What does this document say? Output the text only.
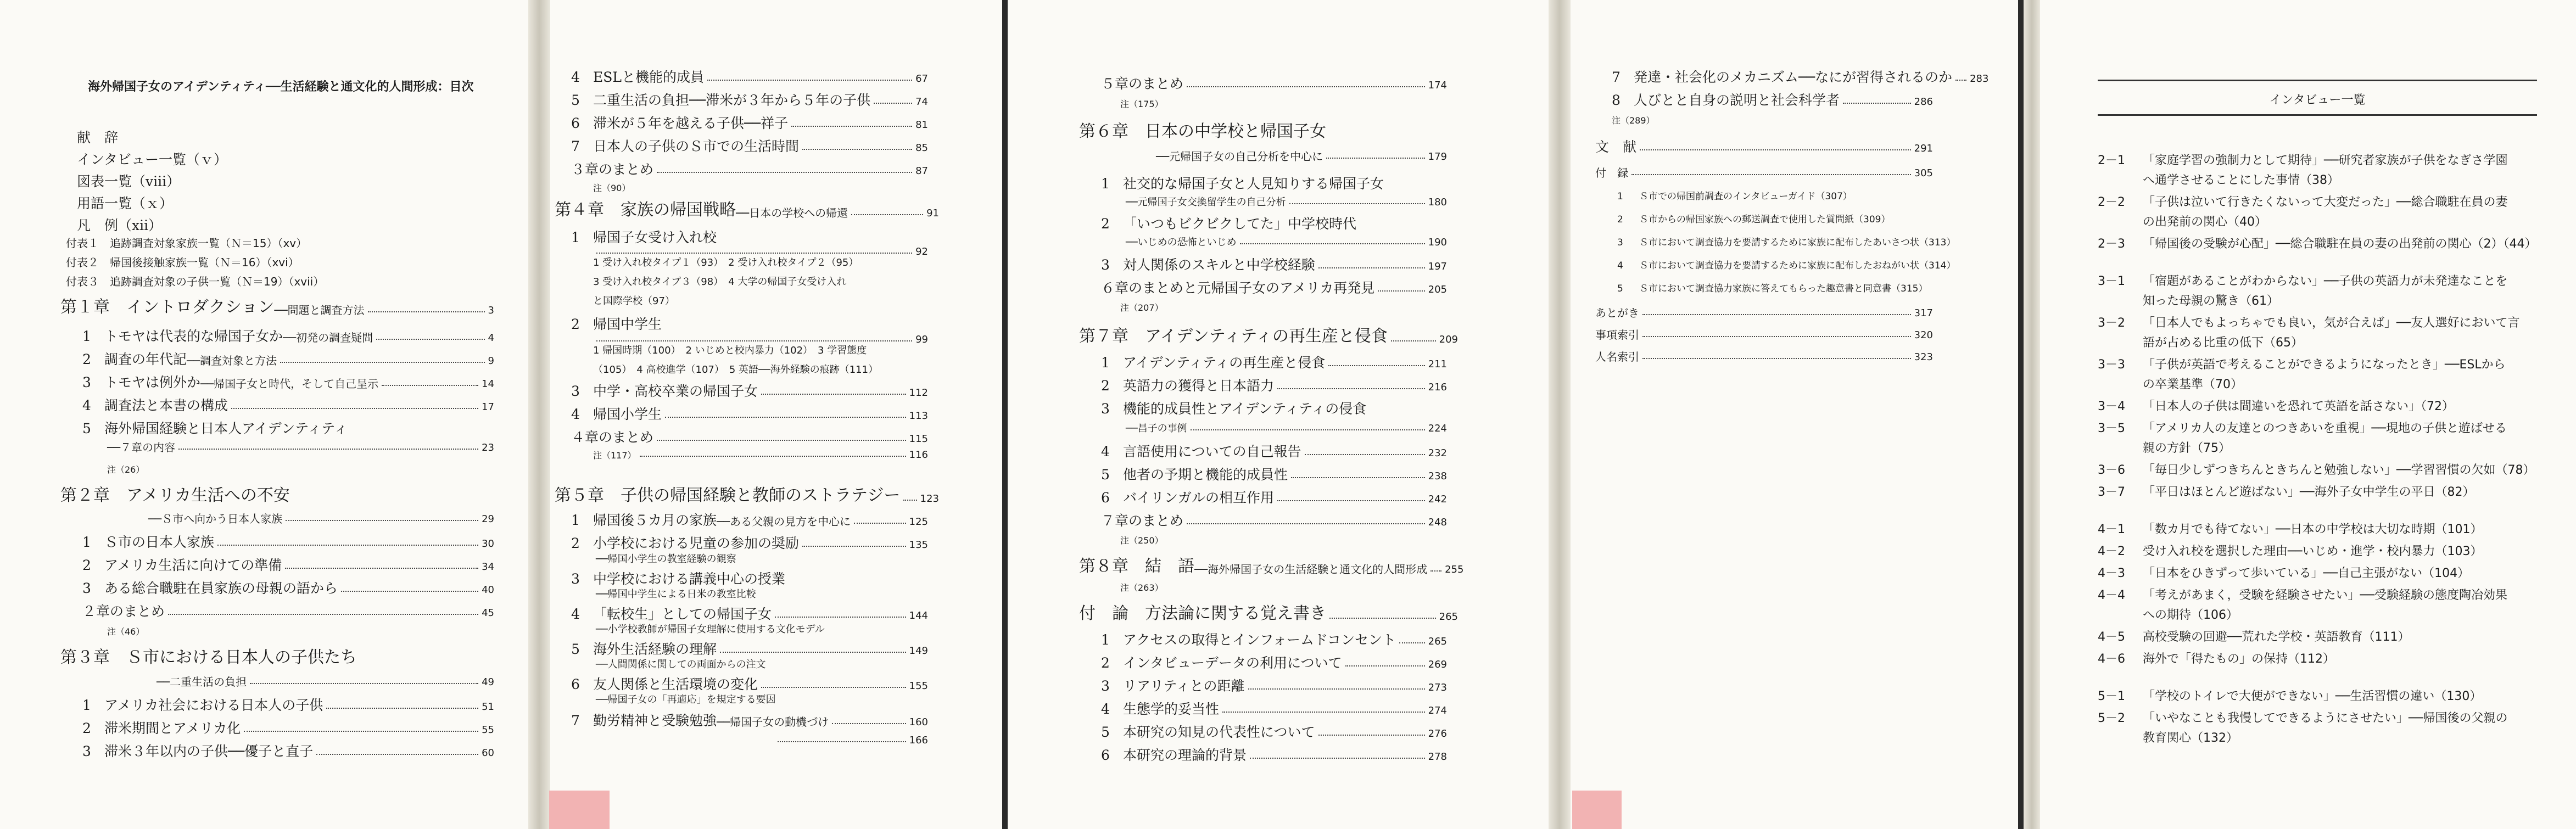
海外帰国子女のアイデンティティ──生活経験と通文化的人間形成：目次
献　辞
インタビュー一覧（ｖ）
図表一覧（viii）
用語一覧（ｘ）
凡　例（xii）
付表１　 追跡調査対象家族一覧（Ｎ＝15）（xv）
付表２　 帰国後接触家族一覧（Ｎ＝16）（xvi）
付表３　 追跡調査対象の子供一覧（Ｎ＝19）（xvii）
第１章　イントロダクション ──問題と調査方法	3
1 トモヤは代表的な帰国子女か ──初発の調査疑問	4
2 調査の年代記 ──調査対象と方法	9
3 トモヤは例外か ──帰国子女と時代，そして自己呈示	14
4 調査法と本書の構成	17
5 海外帰国経験と日本人アイデンティティ
──７章の内容	23
注（26）
第２章　アメリカ生活への不安
──Ｓ市へ向かう日本人家族	29
1 Ｓ市の日本人家族	30
2 アメリカ生活に向けての準備	34
3 ある総合職駐在員家族の母親の語から	40
２章のまとめ	45
注（46）
第３章　Ｓ市における日本人の子供たち
──二重生活の負担	49
1 アメリカ社会における日本人の子供	51
2 滞米期間とアメリカ化	55
3 滞米３年以内の子供──優子と直子	60
4 ESLと機能的成員	67
5 二重生活の負担──滞米が３年から５年の子供	74
6 滞米が５年を越える子供──祥子	81
7 日本人の子供のＳ市での生活時間	85
３章のまとめ	87
注（90）
第４章　家族の帰国戦略 ──日本の学校への帰還	91
1 帰国子女受け入れ校
92
1 受け入れ校タイプ１（93）　2 受け入れ校タイプ２（95）
3 受け入れ校タイプ３（98）　4 大学の帰国子女受け入れ
と国際学校（97）
2 帰国中学生
99
1 帰国時期（100）　2 いじめと校内暴力（102）　3 学習態度
（105）　4 高校進学（107）　5 英語──海外経験の痕跡（111）
3 中学・高校卒業の帰国子女	112
4 帰国小学生	113
４章のまとめ	115
注（117）	116
第５章　子供の帰国経験と教師のストラテジー 123
1 帰国後５カ月の家族 ──ある父親の見方を中心に	125
2 小学校における児童の参加の奨励	135
──帰国小学生の教室経験の観察
3 中学校における講義中心の授業
──帰国中学生による日米の教室比較
4 「転校生」としての帰国子女	144
──小学校教師が帰国子女理解に使用する文化モデル
5 海外生活経験の理解	149
──人間関係に関しての両面からの注文
6 友人関係と生活環境の変化	155
──帰国子女の「再適応」を規定する要因
7 勤労精神と受験勉強 ──帰国子女の動機づけ	160
166
５章のまとめ	174
注（175）
第６章　日本の中学校と帰国子女
──元帰国子女の自己分析を中心に	179
1 社交的な帰国子女と人見知りする帰国子女
──元帰国子女交換留学生の自己分析	180
2 「いつもビクビクしてた」中学校時代
──いじめの恐怖といじめ	190
3 対人関係のスキルと中学校経験	197
６章のまとめと元帰国子女のアメリカ再発見	205
注（207）
第７章　アイデンティティの再生産と侵食	209
1 アイデンティティの再生産と侵食	211
2 英語力の獲得と日本語力	216
3 機能的成員性とアイデンティティの侵食
──昌子の事例	224
4 言語使用についての自己報告	232
5 他者の予期と機能的成員性	238
6 バイリンガルの相互作用	242
７章のまとめ	248
注（250）
第８章　結　語 ──海外帰国子女の生活経験と通文化的人間形成 255
注（263）
付　論　方法論に関する覚え書き	265
1 アクセスの取得とインフォームドコンセント	265
2 インタビューデータの利用について	269
3 リアリティとの距離	273
4 生態学的妥当性	274
5 本研究の知見の代表性について	276
6 本研究の理論的背景	278
7 発達・社会化のメカニズム──なにが習得されるのか 283
8 人びとと自身の説明と社会科学者	286
注（289）
文　献	291
付　録	305
1 Ｓ市での帰国前調査のインタビューガイド（307）
2 Ｓ市からの帰国家族への郵送調査で使用した質問紙（309）
3 Ｓ市において調査協力を要請するために家族に配布したあいさつ状（313）
4 Ｓ市において調査協力を要請するために家族に配布したおねがい状（314）
5 Ｓ市において調査協力家族に答えてもらった趣意書と同意書（315）
あとがき	317
事項索引	320
人名索引	323
インタビュー一覧
2－1 「家庭学習の強制力として期待」──研究者家族が子供をなぎさ学園
へ通学させることにした事情（38）
2－2 「子供は泣いて行きたくないって大変だった」──総合職駐在員の妻
の出発前の関心（40）
2－3 「帰国後の受験が心配」──総合職駐在員の妻の出発前の関心（2）（44）
3－1 「宿題があることがわからない」──子供の英語力が未発達なことを
知った母親の驚き（61）
3－2 「日本人でもよっちゃでも良い，気が合えば」──友人選好において言
語が占める比重の低下（65）
3－3 「子供が英語で考えることができるようになったとき」──ESLから
の卒業基準（70）
3－4 「日本人の子供は間違いを恐れて英語を話さない」（72）
3－5 「アメリカ人の友達とのつきあいを重視」──現地の子供と遊ばせる
親の方針（75）
3－6 「毎日少しずつきちんときちんと勉強しない」──学習習慣の欠如（78）
3－7 「平日はほとんど遊ばない」──海外子女中学生の平日（82）
4－1 「数カ月でも待てない」──日本の中学校は大切な時期（101）
4－2 受け入れ校を選択した理由──いじめ・進学・校内暴力（103）
4－3 「日本をひきずって歩いている」──自己主張がない（104）
4－4 「考えがあまく，受験を経験させたい」──受験経験の態度陶冶効果
への期待（106）
4－5 高校受験の回避──荒れた学校・英語教育（111）
4－6 海外で「得たもの」の保持（112）
5－1 「学校のトイレで大便ができない」──生活習慣の違い（130）
5－2 「いやなことも我慢してできるようにさせたい」──帰国後の父親の
教育関心（132）
